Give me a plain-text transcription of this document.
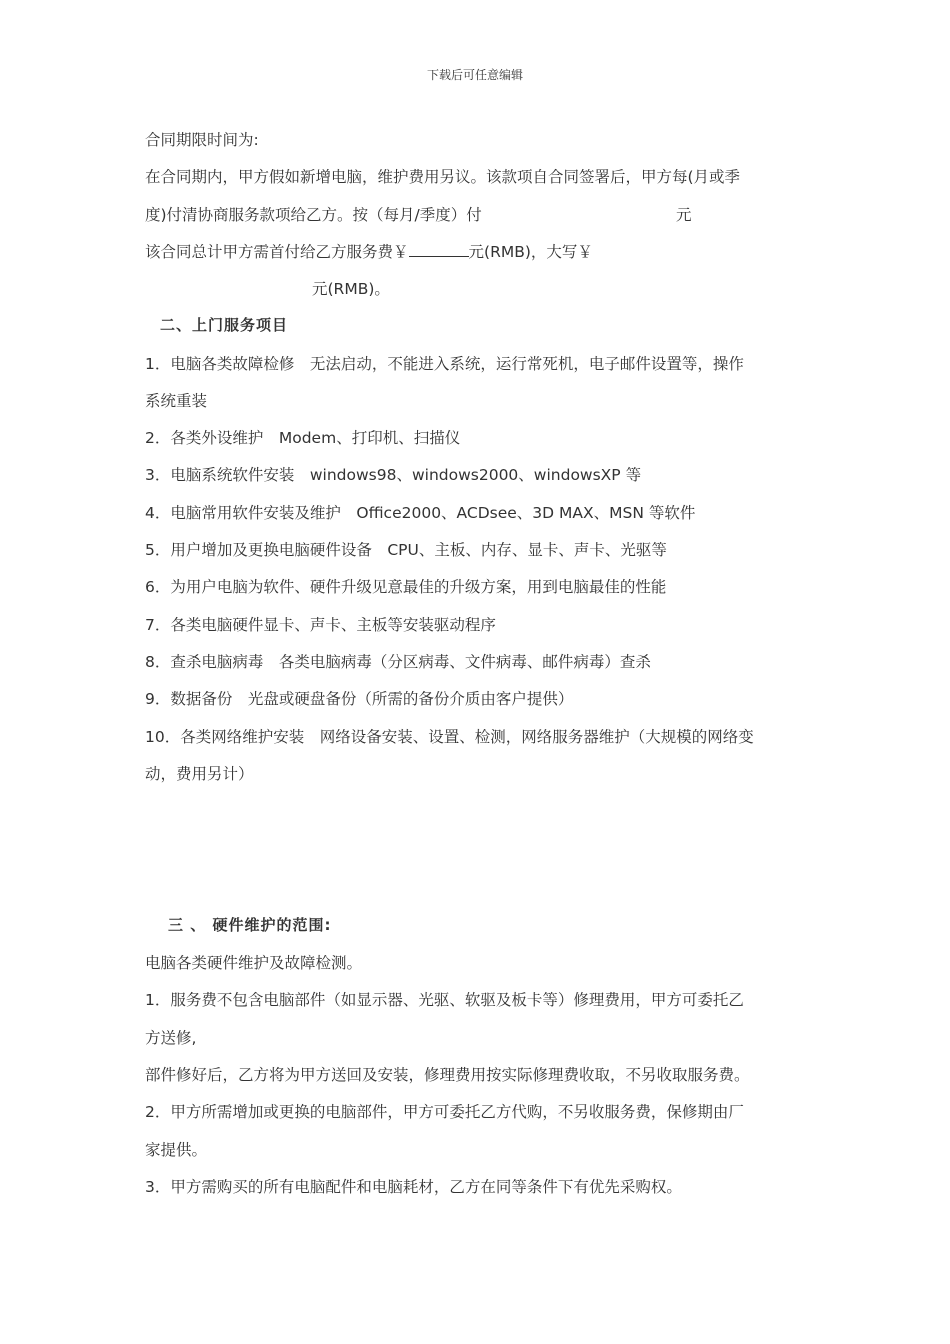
下载后可任意编辑
合同期限时间为:
在合同期内，甲方假如新增电脑，维护费用另议。该款项自合同签署后，甲方每(月或季
度)付清协商服务款项给乙方。按（每月/季度）付	元
该合同总计甲方需首付给乙方服务费￥	元(RMB)，大写￥
元(RMB)。
二、上门服务项目
1．电脑各类故障检修　无法启动，不能进入系统，运行常死机，电子邮件设置等，操作
系统重装
2．各类外设维护　Modem、打印机、扫描仪
3．电脑系统软件安装　windows98、windows2000、windowsXP 等
4．电脑常用软件安装及维护　Office2000、ACDsee、3D MAX、MSN 等软件
5．用户增加及更换电脑硬件设备　CPU、主板、内存、显卡、声卡、光驱等
6．为用户电脑为软件、硬件升级见意最佳的升级方案，用到电脑最佳的性能
7．各类电脑硬件显卡、声卡、主板等安装驱动程序
8．查杀电脑病毒　各类电脑病毒（分区病毒、文件病毒、邮件病毒）查杀
9．数据备份　光盘或硬盘备份（所需的备份介质由客户提供）
10．各类网络维护安装　网络设备安装、设置、检测，网络服务器维护（大规模的网络变
动，费用另计）
三 、 硬件维护的范围:
电脑各类硬件维护及故障检测。
1．服务费不包含电脑部件（如显示器、光驱、软驱及板卡等）修理费用，甲方可委托乙
方送修,
部件修好后，乙方将为甲方送回及安装，修理费用按实际修理费收取，不另收取服务费。
2．甲方所需增加或更换的电脑部件，甲方可委托乙方代购，不另收服务费，保修期由厂
家提供。
3．甲方需购买的所有电脑配件和电脑耗材，乙方在同等条件下有优先采购权。
